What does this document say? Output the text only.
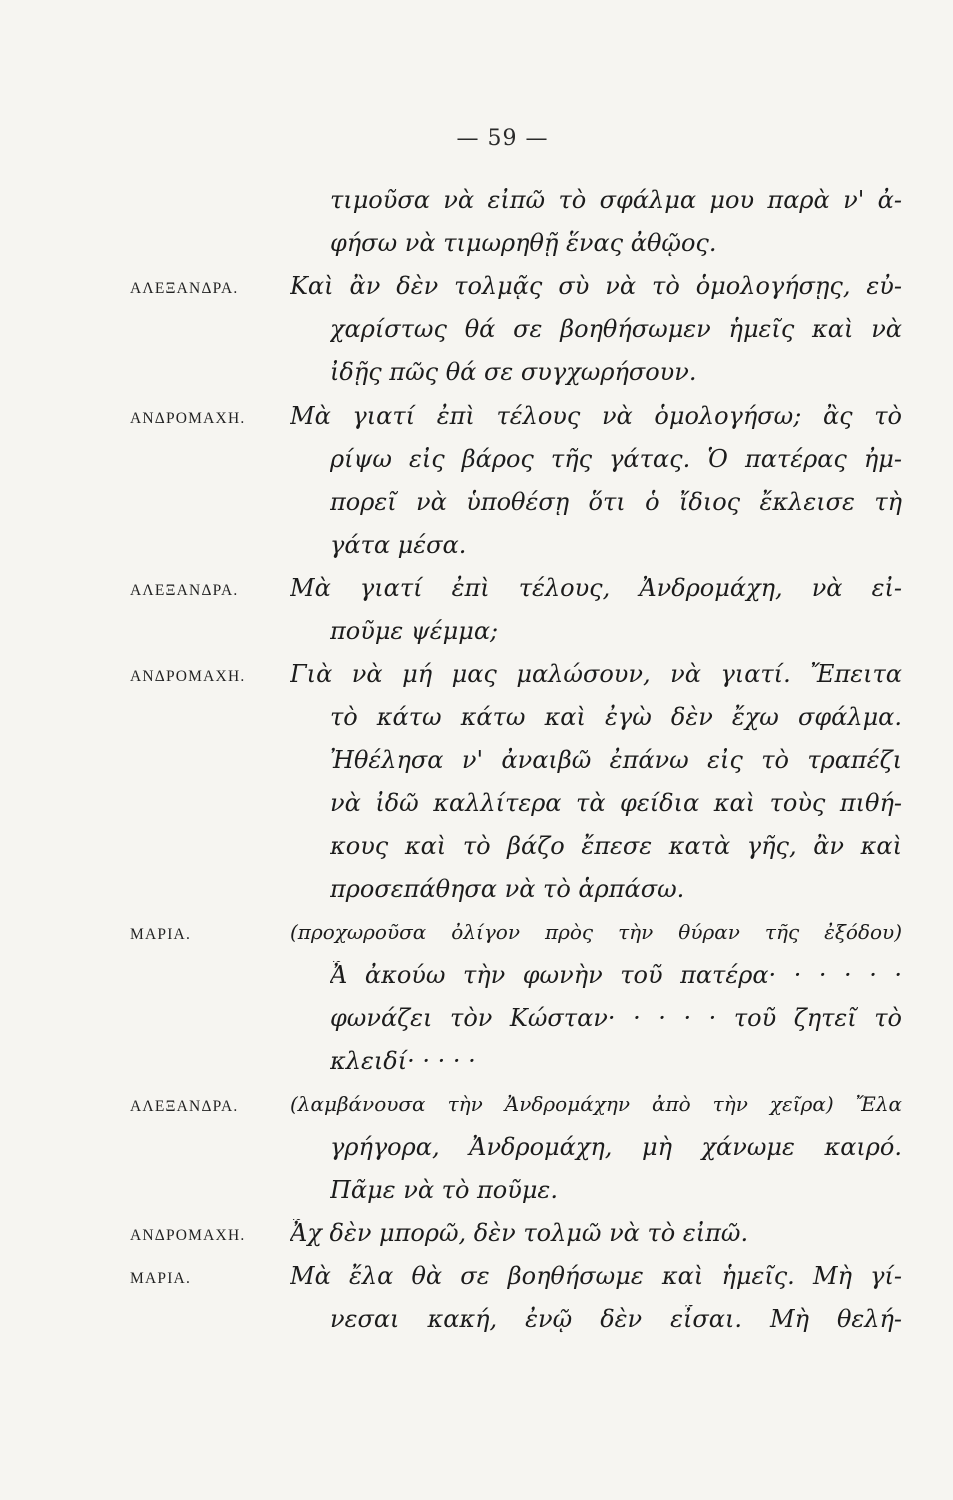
— 59 —
τιμοῦσα νὰ εἰπῶ τὸ σφάλμα μου παρὰ ν' ἀ-
φήσω νὰ τιμωρηθῇ ἕνας ἀθῷος.
ΑΛΕΞΑΝΔΡΑ. Καὶ ἂν δὲν τολμᾷς σὺ νὰ τὸ ὁμολογήσῃς, εὐ-
χαρίστως θά σε βοηθήσωμεν ἡμεῖς καὶ νὰ
ἰδῇς πῶς θά σε συγχωρήσουν.
ΑΝΔΡΟΜΑΧΗ. Μὰ γιατί ἐπὶ τέλους νὰ ὁμολογήσω; ἂς τὸ
ρίψω εἰς βάρος τῆς γάτας. Ὁ πατέρας ἠμ-
πορεῖ νὰ ὑποθέσῃ ὅτι ὁ ἴδιος ἔκλεισε τὴ
γάτα μέσα.
ΑΛΕΞΑΝΔΡΑ. Μὰ γιατί ἐπὶ τέλους, Ἀνδρομάχη, νὰ εἰ-
ποῦμε ψέμμα;
ΑΝΔΡΟΜΑΧΗ. Γιὰ νὰ μή μας μαλώσουν, νὰ γιατί. Ἔπειτα
τὸ κάτω κάτω καὶ ἐγὼ δὲν ἔχω σφάλμα.
Ἠθέλησα ν' ἀναιβῶ ἐπάνω εἰς τὸ τραπέζι
νὰ ἰδῶ καλλίτερα τὰ φείδια καὶ τοὺς πιθή-
κους καὶ τὸ βάζο ἔπεσε κατὰ γῆς, ἂν καὶ
προσεπάθησα νὰ τὸ ἁρπάσω.
ΜΑΡΙΑ.	(προχωροῦσα ὀλίγον πρὸς τὴν θύραν τῆς ἐξόδου)
Ἆ ἀκούω τὴν φωνὴν τοῦ πατέρα· · · · · ·
φωνάζει τὸν Κώσταν· · · · · τοῦ ζητεῖ τὸ
κλειδί· · · · ·
ΑΛΕΞΑΝΔΡΑ.	(λαμβάνουσα τὴν Ἀνδρομάχην ἀπὸ τὴν χεῖρα) Ἔλα
γρήγορα, Ἀνδρομάχη, μὴ χάνωμε καιρό.
Πᾶμε νὰ τὸ ποῦμε.
ΑΝΔΡΟΜΑΧΗ. Ἆχ δὲν μπορῶ, δὲν τολμῶ νὰ τὸ εἰπῶ.
ΜΑΡΙΑ.	Μὰ ἔλα θὰ σε βοηθήσωμε καὶ ἡμεῖς. Μὴ γί-
νεσαι κακή, ἐνῷ δὲν εἶσαι. Μὴ θελή-
